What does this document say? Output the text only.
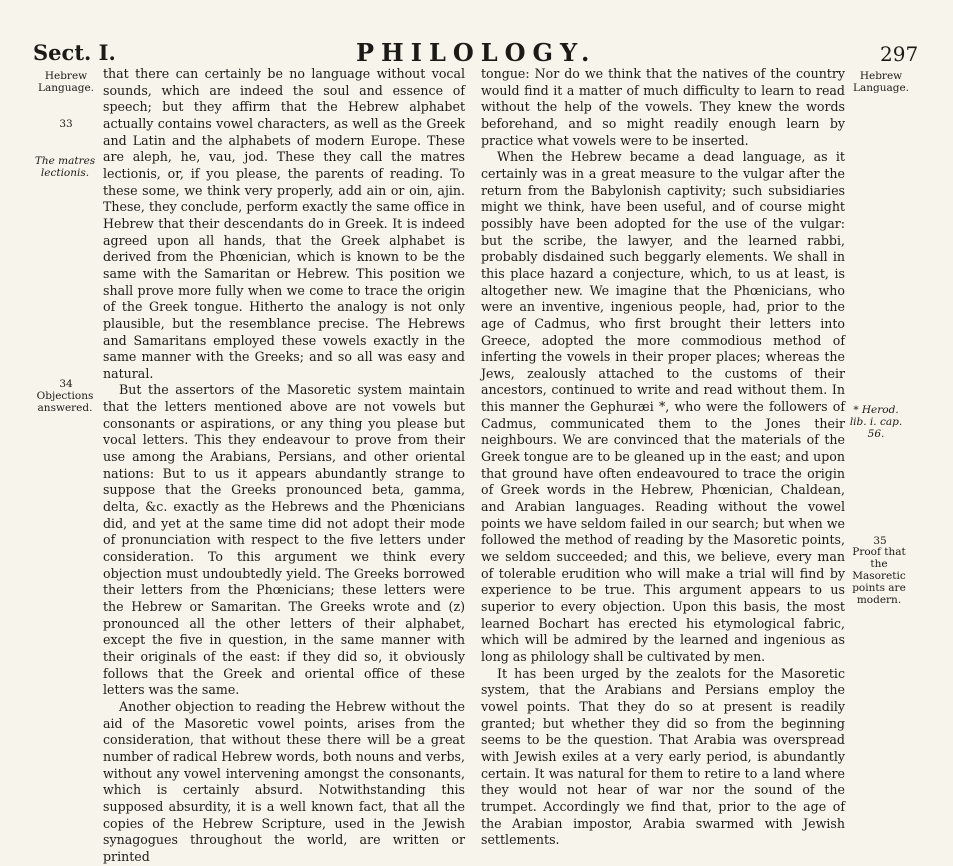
Sect. I.	PHILOLOGY.	297
Hebrew Language.
33
The matres lectionis.
34
Objections answered.
Hebrew Language.
* Herod. lib. i. cap. 56.
35
Proof that the Masoretic points are modern.

that there can certainly be no language without vocal sounds, which are indeed the soul and essence of speech; but they affirm that the Hebrew alphabet actually contains vowel characters, as well as the Greek and Latin and the alphabets of modern Europe. These are aleph, he, vau, jod. These they call the matres lectionis, or, if you please, the parents of reading. To these some, we think very properly, add ain or oin, ajin. These, they conclude, perform exactly the same office in Hebrew that their descendants do in Greek. It is indeed agreed upon all hands, that the Greek alphabet is derived from the Phœnician, which is known to be the same with the Samaritan or Hebrew. This position we shall prove more fully when we come to trace the origin of the Greek tongue. Hitherto the analogy is not only plausible, but the resemblance precise. The Hebrews and Samaritans employed these vowels exactly in the same manner with the Greeks; and so all was easy and natural.

But the assertors of the Masoretic system maintain that the letters mentioned above are not vowels but consonants or aspirations, or any thing you please but vocal letters. This they endeavour to prove from their use among the Arabians, Persians, and other oriental nations: But to us it appears abundantly strange to suppose that the Greeks pronounced beta, gamma, delta, &c. exactly as the Hebrews and the Phœnicians did, and yet at the same time did not adopt their mode of pronunciation with respect to the five letters under consideration. To this argument we think every objection must undoubtedly yield. The Greeks borrowed their letters from the Phœnicians; these letters were the Hebrew or Samaritan. The Greeks wrote and (z) pronounced all the other letters of their alphabet, except the five in question, in the same manner with their originals of the east: if they did so, it obviously follows that the Greek and oriental office of these letters was the same.

Another objection to reading the Hebrew without the aid of the Masoretic vowel points, arises from the consideration, that without these there will be a great number of radical Hebrew words, both nouns and verbs, without any vowel intervening amongst the consonants, which is certainly absurd. Notwithstanding this supposed absurdity, it is a well known fact, that all the copies of the Hebrew Scripture, used in the Jewish synagogues throughout the world, are written or printed

tongue: Nor do we think that the natives of the country would find it a matter of much difficulty to learn to read without the help of the vowels. They knew the words beforehand, and so might readily enough learn by practice what vowels were to be inserted.

When the Hebrew became a dead language, as it certainly was in a great measure to the vulgar after the return from the Babylonish captivity; such subsidiaries might we think, have been useful, and of course might possibly have been adopted for the use of the vulgar: but the scribe, the lawyer, and the learned rabbi, probably disdained such beggarly elements. We shall in this place hazard a conjecture, which, to us at least, is altogether new. We imagine that the Phœnicians, who were an inventive, ingenious people, had, prior to the age of Cadmus, who first brought their letters into Greece, adopted the more commodious method of inferting the vowels in their proper places; whereas the Jews, zealously attached to the customs of their ancestors, continued to write and read without them. In this manner the Gephuræi *, who were the followers of Cadmus, communicated them to the Jones their neighbours. We are convinced that the materials of the Greek tongue are to be gleaned up in the east; and upon that ground have often endeavoured to trace the origin of Greek words in the Hebrew, Phœnician, Chaldean, and Arabian languages. Reading without the vowel points we have seldom failed in our search; but when we followed the method of reading by the Masoretic points, we seldom succeeded; and this, we believe, every man of tolerable erudition who will make a trial will find by experience to be true. This argument appears to us superior to every objection. Upon this basis, the most learned Bochart has erected his etymological fabric, which will be admired by the learned and ingenious as long as philology shall be cultivated by men.

It has been urged by the zealots for the Masoretic system, that the Arabians and Persians employ the vowel points. That they do so at present is readily granted; but whether they did so from the beginning seems to be the question. That Arabia was overspread with Jewish exiles at a very early period, is abundantly certain. It was natural for them to retire to a land where they would not hear of war nor the sound of the trumpet. Accordingly we find that, prior to the age of the Arabian impostor, Arabia swarmed with Jewish settlements.
